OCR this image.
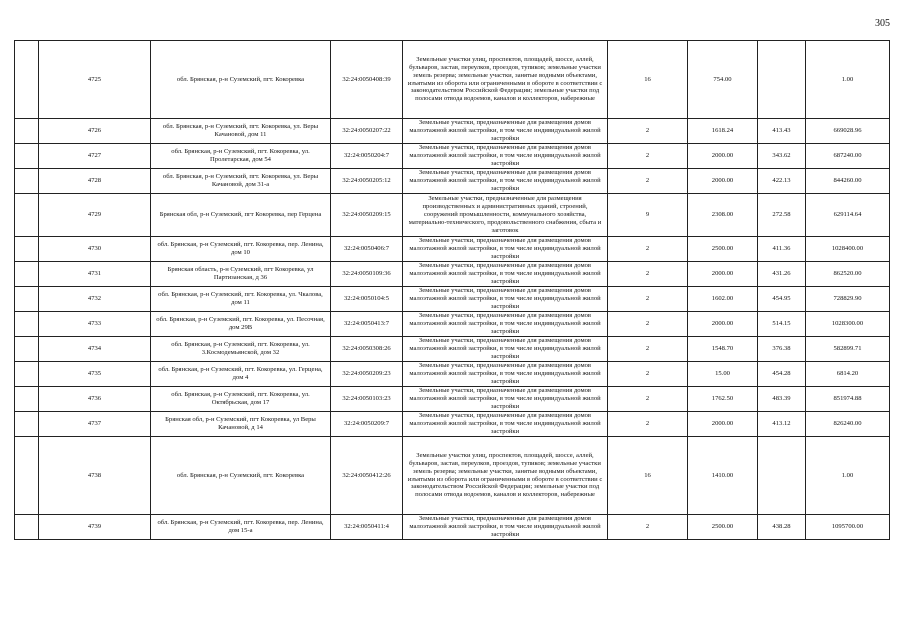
305
	4725	обл. Брянская, р-н Суземский, пгт. Кокоревка	32:24:0050408:39	Земельные участки улиц, проспектов, площадей, шоссе, аллей, бульваров, застав, переулков, проездов, тупиков; земельные участки земель резерва; земельные участки, занятые водными объектами, изъятыми из оборота или ограниченными в обороте в соответствии с законодательством Российской Федерации; земельные участки под полосами отвода водоемов, каналов и коллекторов, набережные	16	754.00		1.00
	4726	обл. Брянская, р-н Суземский, пгт. Кокоревка, ул. Веры Качановой, дом 11	32:24:0050207:22	Земельные участки, предназначенные для размещения домов малоэтажной жилой застройки, в том числе индивидуальной жилой застройки	2	1618.24	413.43	669028.96
	4727	обл. Брянская, р-н Суземский, пгт. Кокоревка, ул. Пролетарская, дом 54	32:24:0050204:7	Земельные участки, предназначенные для размещения домов малоэтажной жилой застройки, в том числе индивидуальной жилой застройки	2	2000.00	343.62	687240.00
	4728	обл. Брянская, р-н Суземский, пгт. Кокоревка, ул. Веры Качановой, дом 31-а	32:24:0050205:12	Земельные участки, предназначенные для размещения домов малоэтажной жилой застройки, в том числе индивидуальной жилой застройки	2	2000.00	422.13	844260.00
	4729	Брянская обл, р-н Суземский, пгт Кокоревка, пер Герцена	32:24:0050209:15	Земельные участки, предназначенные для размещения производственных и административных зданий, строений, сооружений промышленности, коммунального хозяйства, материально-технического, продовольственного снабжения, сбыта и заготовок	9	2308.00	272.58	629114.64
	4730	обл. Брянская, р-н Суземский, пгт. Кокоревка, пер. Ленина, дом 10	32:24:0050406:7	Земельные участки, предназначенные для размещения домов малоэтажной жилой застройки, в том числе индивидуальной жилой застройки	2	2500.00	411.36	1028400.00
	4731	Брянская область, р-н Суземский, пгт Кокоревка, ул Партизанская, д 36	32:24:0050109:36	Земельные участки, предназначенные для размещения домов малоэтажной жилой застройки, в том числе индивидуальной жилой застройки	2	2000.00	431.26	862520.00
	4732	обл. Брянская, р-н Суземский, пгт. Кокоревка, ул. Чкалова, дом 11	32:24:0050104:5	Земельные участки, предназначенные для размещения домов малоэтажной жилой застройки, в том числе индивидуальной жилой застройки	2	1602.00	454.95	728829.90
	4733	обл. Брянская, р-н Суземский, пгт. Кокоревка, ул. Песочная, дом 29В	32:24:0050413:7	Земельные участки, предназначенные для размещения домов малоэтажной жилой застройки, в том числе индивидуальной жилой застройки	2	2000.00	514.15	1028300.00
	4734	обл. Брянская, р-н Суземский, пгт. Кокоревка, ул. 3.Космодемьянской, дом 32	32:24:0050308:26	Земельные участки, предназначенные для размещения домов малоэтажной жилой застройки, в том числе индивидуальной жилой застройки	2	1548.70	376.38	582899.71
	4735	обл. Брянская, р-н Суземский, пгт. Кокоревка, ул. Герцена, дом 4	32:24:0050209:23	Земельные участки, предназначенные для размещения домов малоэтажной жилой застройки, в том числе индивидуальной жилой застройки	2	15.00	454.28	6814.20
	4736	обл. Брянская, р-н Суземский, пгт. Кокоревка, ул. Октябрьская, дом 17	32:24:0050103:23	Земельные участки, предназначенные для размещения домов малоэтажной жилой застройки, в том числе индивидуальной жилой застройки	2	1762.50	483.39	851974.88
	4737	Брянская обл, р-н Суземский, пгт Кокоревка, ул Веры Качановой, д 14	32:24:0050209:7	Земельные участки, предназначенные для размещения домов малоэтажной жилой застройки, в том числе индивидуальной жилой застройки	2	2000.00	413.12	826240.00
	4738	обл. Брянская, р-н Суземский, пгт. Кокоревка	32:24:0050412:26	Земельные участки улиц, проспектов, площадей, шоссе, аллей, бульваров, застав, переулков, проездов, тупиков; земельные участки земель резерва; земельные участки, занятые водными объектами, изъятыми из оборота или ограниченными в обороте в соответствии с законодательством Российской Федерации; земельные участки под полосами отвода водоемов, каналов и коллекторов, набережные	16	1410.00		1.00
	4739	обл. Брянская, р-н Суземский, пгт. Кокоревка, пер. Ленина, дом 15-а	32:24:0050411:4	Земельные участки, предназначенные для размещения домов малоэтажной жилой застройки, в том числе индивидуальной жилой застройки	2	2500.00	438.28	1095700.00
